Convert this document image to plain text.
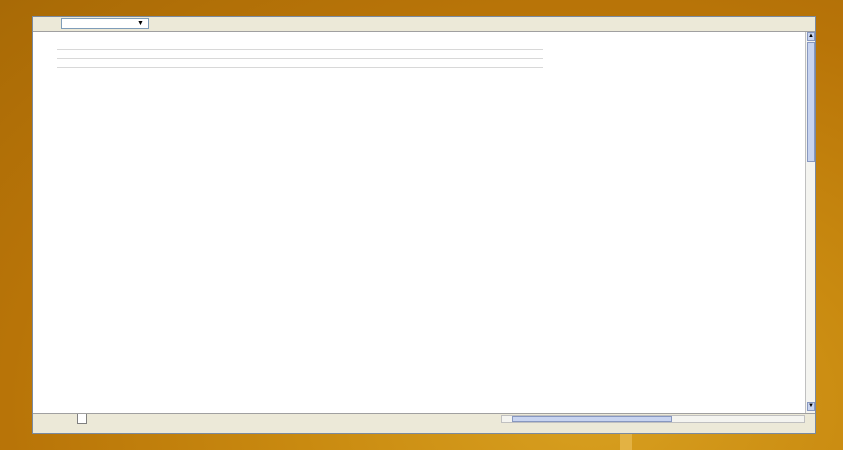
▼
▲
▼
